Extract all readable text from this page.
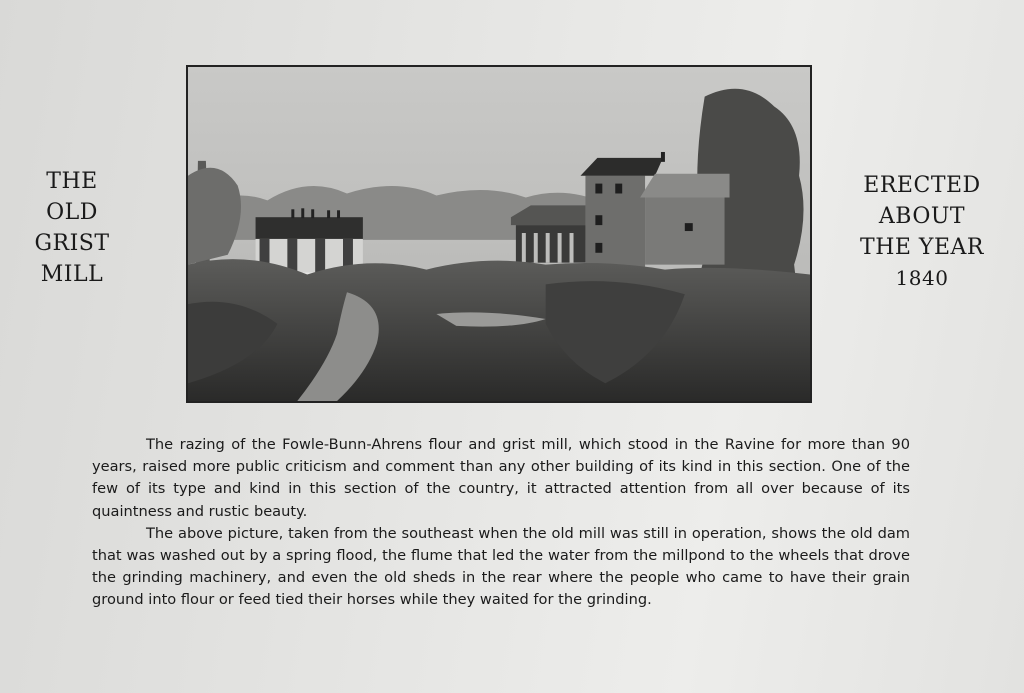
THE
OLD
GRIST
MILL
ERECTED
ABOUT
THE YEAR
1840

The razing of the Fowle-Bunn-Ahrens flour and grist mill, which stood in the Ravine for more than 90 years, raised more public criticism and comment than any other building of its kind in this section. One of the few of its type and kind in this section of the country, it attracted attention from all over because of its quaintness and rustic beauty.

The above picture, taken from the southeast when the old mill was still in operation, shows the old dam that was washed out by a spring flood, the flume that led the water from the millpond to the wheels that drove the grinding machinery, and even the old sheds in the rear where the people who came to have their grain ground into flour or feed tied their horses while they waited for the grinding.
